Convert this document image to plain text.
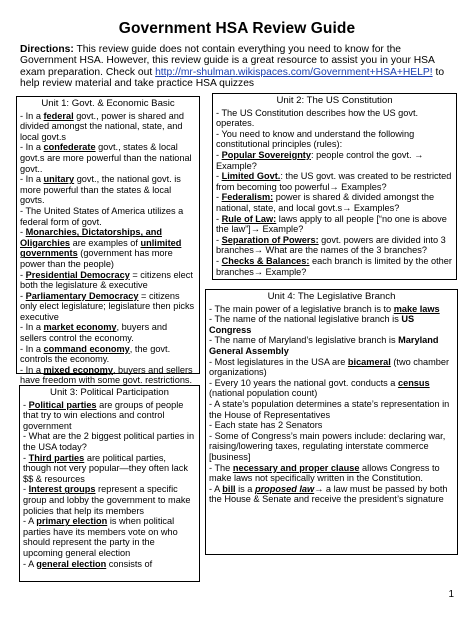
Government HSA Review Guide
Directions: This review guide does not contain everything you need to know for the Government HSA. However, this review guide is a great resource to assist you in your HSA exam preparation. Check out http://mr-shulman.wikispaces.com/Government+HSA+HELP! to help review material and take practice HSA quizzes
Unit 1: Govt. & Economic Basic

- In a federal govt., power is shared and divided amongst the national, state, and local govt.s

- In a confederate govt., states & local govt.s are more powerful than the national govt..

- In a unitary govt., the national govt. is more powerful than the states & local govts.

- The United States of America utilizes a federal form of govt.

- Monarchies, Dictatorships, and Oligarchies are examples of unlimited governments (government has more power than the people)

- Presidential Democracy = citizens elect both the legislature & executive

- Parliamentary Democracy = citizens only elect legislature; legislature then picks executive

- In a market economy, buyers and sellers control the economy.

- In a command economy, the govt. controls the economy.

- In a mixed economy, buyers and sellers have freedom with some govt. restrictions.

Unit 2: The US Constitution

- The US Constitution describes how the US govt. operates.

- You need to know and understand the following constitutional principles (rules):

- Popular Sovereignty: people control the govt. → Example?

- Limited Govt.: the US govt. was created to be restricted from becoming too powerful→ Examples?

- Federalism: power is shared & divided amongst the national, state, and local govt.s→ Examples?

- Rule of Law: laws apply to all people [“no one is above the law”]→ Example?

- Separation of Powers: govt. powers are divided into 3 branches→ What are the names of the 3 branches?

- Checks & Balances: each branch is limited by the other branches→ Example?

Unit 3: Political Participation

- Political parties are groups of people that try to win elections and control government

- What are the 2 biggest political parties in the USA today?

- Third parties are political parties, though not very popular—they often lack $$ & resources

- Interest groups represent a specific group and lobby the government to make policies that help its members

- A primary election is when political parties have its members vote on who should represent the party in the upcoming general election

- A general election consists of

Unit 4: The Legislative Branch

- The main power of a legislative branch is to make laws

- The name of the national legislative branch is US Congress

- The name of Maryland’s legislative branch is Maryland General Assembly

- Most legislatures in the USA are bicameral (two chamber organizations)

- Every 10 years the national govt. conducts a census (national population count)

- A state’s population determines a state’s representation in the House of Representatives

- Each state has 2 Senators

- Some of Congress’s main powers include: declaring war, raising/lowering taxes, regulating interstate commerce [business]

- The necessary and proper clause allows Congress to make laws not specifically written in the Constitution.

- A bill is a proposed law→ a law must be passed by both the House & Senate and receive the president’s signature

1
